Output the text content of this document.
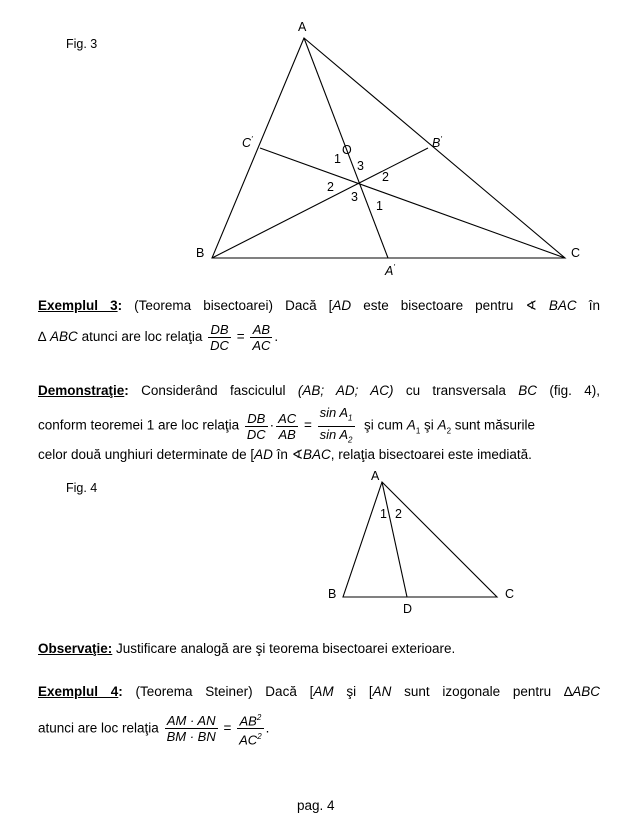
Fig. 3
A
B	C
O
C'	B'
A'
1 3
2
2
3
1
Exemplul 3: (Teorema bisectoarei) Dacă [AD este bisectoare pentru ∢ BAC în
∆ ABC atunci are loc relaţia $\frac{DB}{DC} = \frac{AB}{AC}$ .
Demonstraţie: Considerând fasciculul (AB; AD; AC) cu transversala BC (fig. 4),
conform teoremei 1 are loc relaţia $\frac{DB}{DC} \cdot \frac{AC}{AB} = \frac{\sin A_1}{\sin A_2}$ şi cum $A_1$ şi $A_2$ sunt măsurile
celor două unghiuri determinate de [AD în ∢BAC, relaţia bisectoarei este imediată.
Fig. 4
A
B	C
D
1 2
Observaţie: Justificare analogă are şi teorema bisectoarei exterioare.
Exemplul 4: (Teorema Steiner) Dacă [AM şi [AN sunt izogonale pentru ∆ABC
atunci are loc relaţia $\frac{AM \cdot AN}{BM \cdot BN} = \frac{AB^2}{AC^2}$ .
pag. 4
